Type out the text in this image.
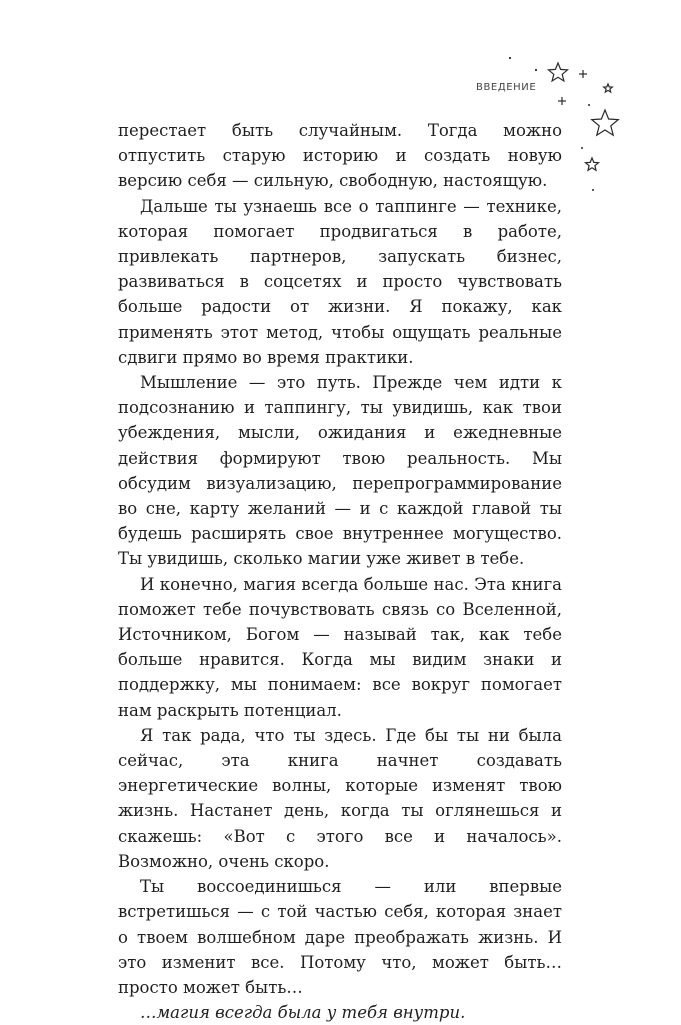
ВВЕДЕНИЕ

перестает быть случайным. Тогда можно отпустить старую историю и создать новую версию себя — сильную, свободную, настоящую.

Дальше ты узнаешь все о таппинге — технике, которая помогает продвигаться в работе, привлекать партнеров, запускать бизнес, развиваться в соцсетях и просто чувствовать больше радости от жизни. Я покажу, как применять этот метод, чтобы ощущать реальные сдвиги прямо во время практики.

Мышление — это путь. Прежде чем идти к подсознанию и таппингу, ты увидишь, как твои убеждения, мысли, ожидания и ежедневные действия формируют твою реальность. Мы обсудим визуализацию, перепрограммирование во сне, карту желаний — и с каждой главой ты будешь расширять свое внутреннее могущество. Ты увидишь, сколько магии уже живет в тебе.

И конечно, магия всегда больше нас. Эта книга поможет тебе почувствовать связь со Вселенной, Источником, Богом — называй так, как тебе больше нравится. Когда мы видим знаки и поддержку, мы понимаем: все вокруг помогает нам раскрыть потенциал.

Я так рада, что ты здесь. Где бы ты ни была сейчас, эта книга начнет создавать энергетические волны, которые изменят твою жизнь. Настанет день, когда ты оглянешься и скажешь: «Вот с этого все и началось». Возможно, очень скоро.

Ты воссоединишься — или впервые встретишься — с той частью себя, которая знает о твоем волшебном даре преображать жизнь. И это изменит все. Потому что, может быть… просто может быть…

…магия всегда была у тебя внутри.
